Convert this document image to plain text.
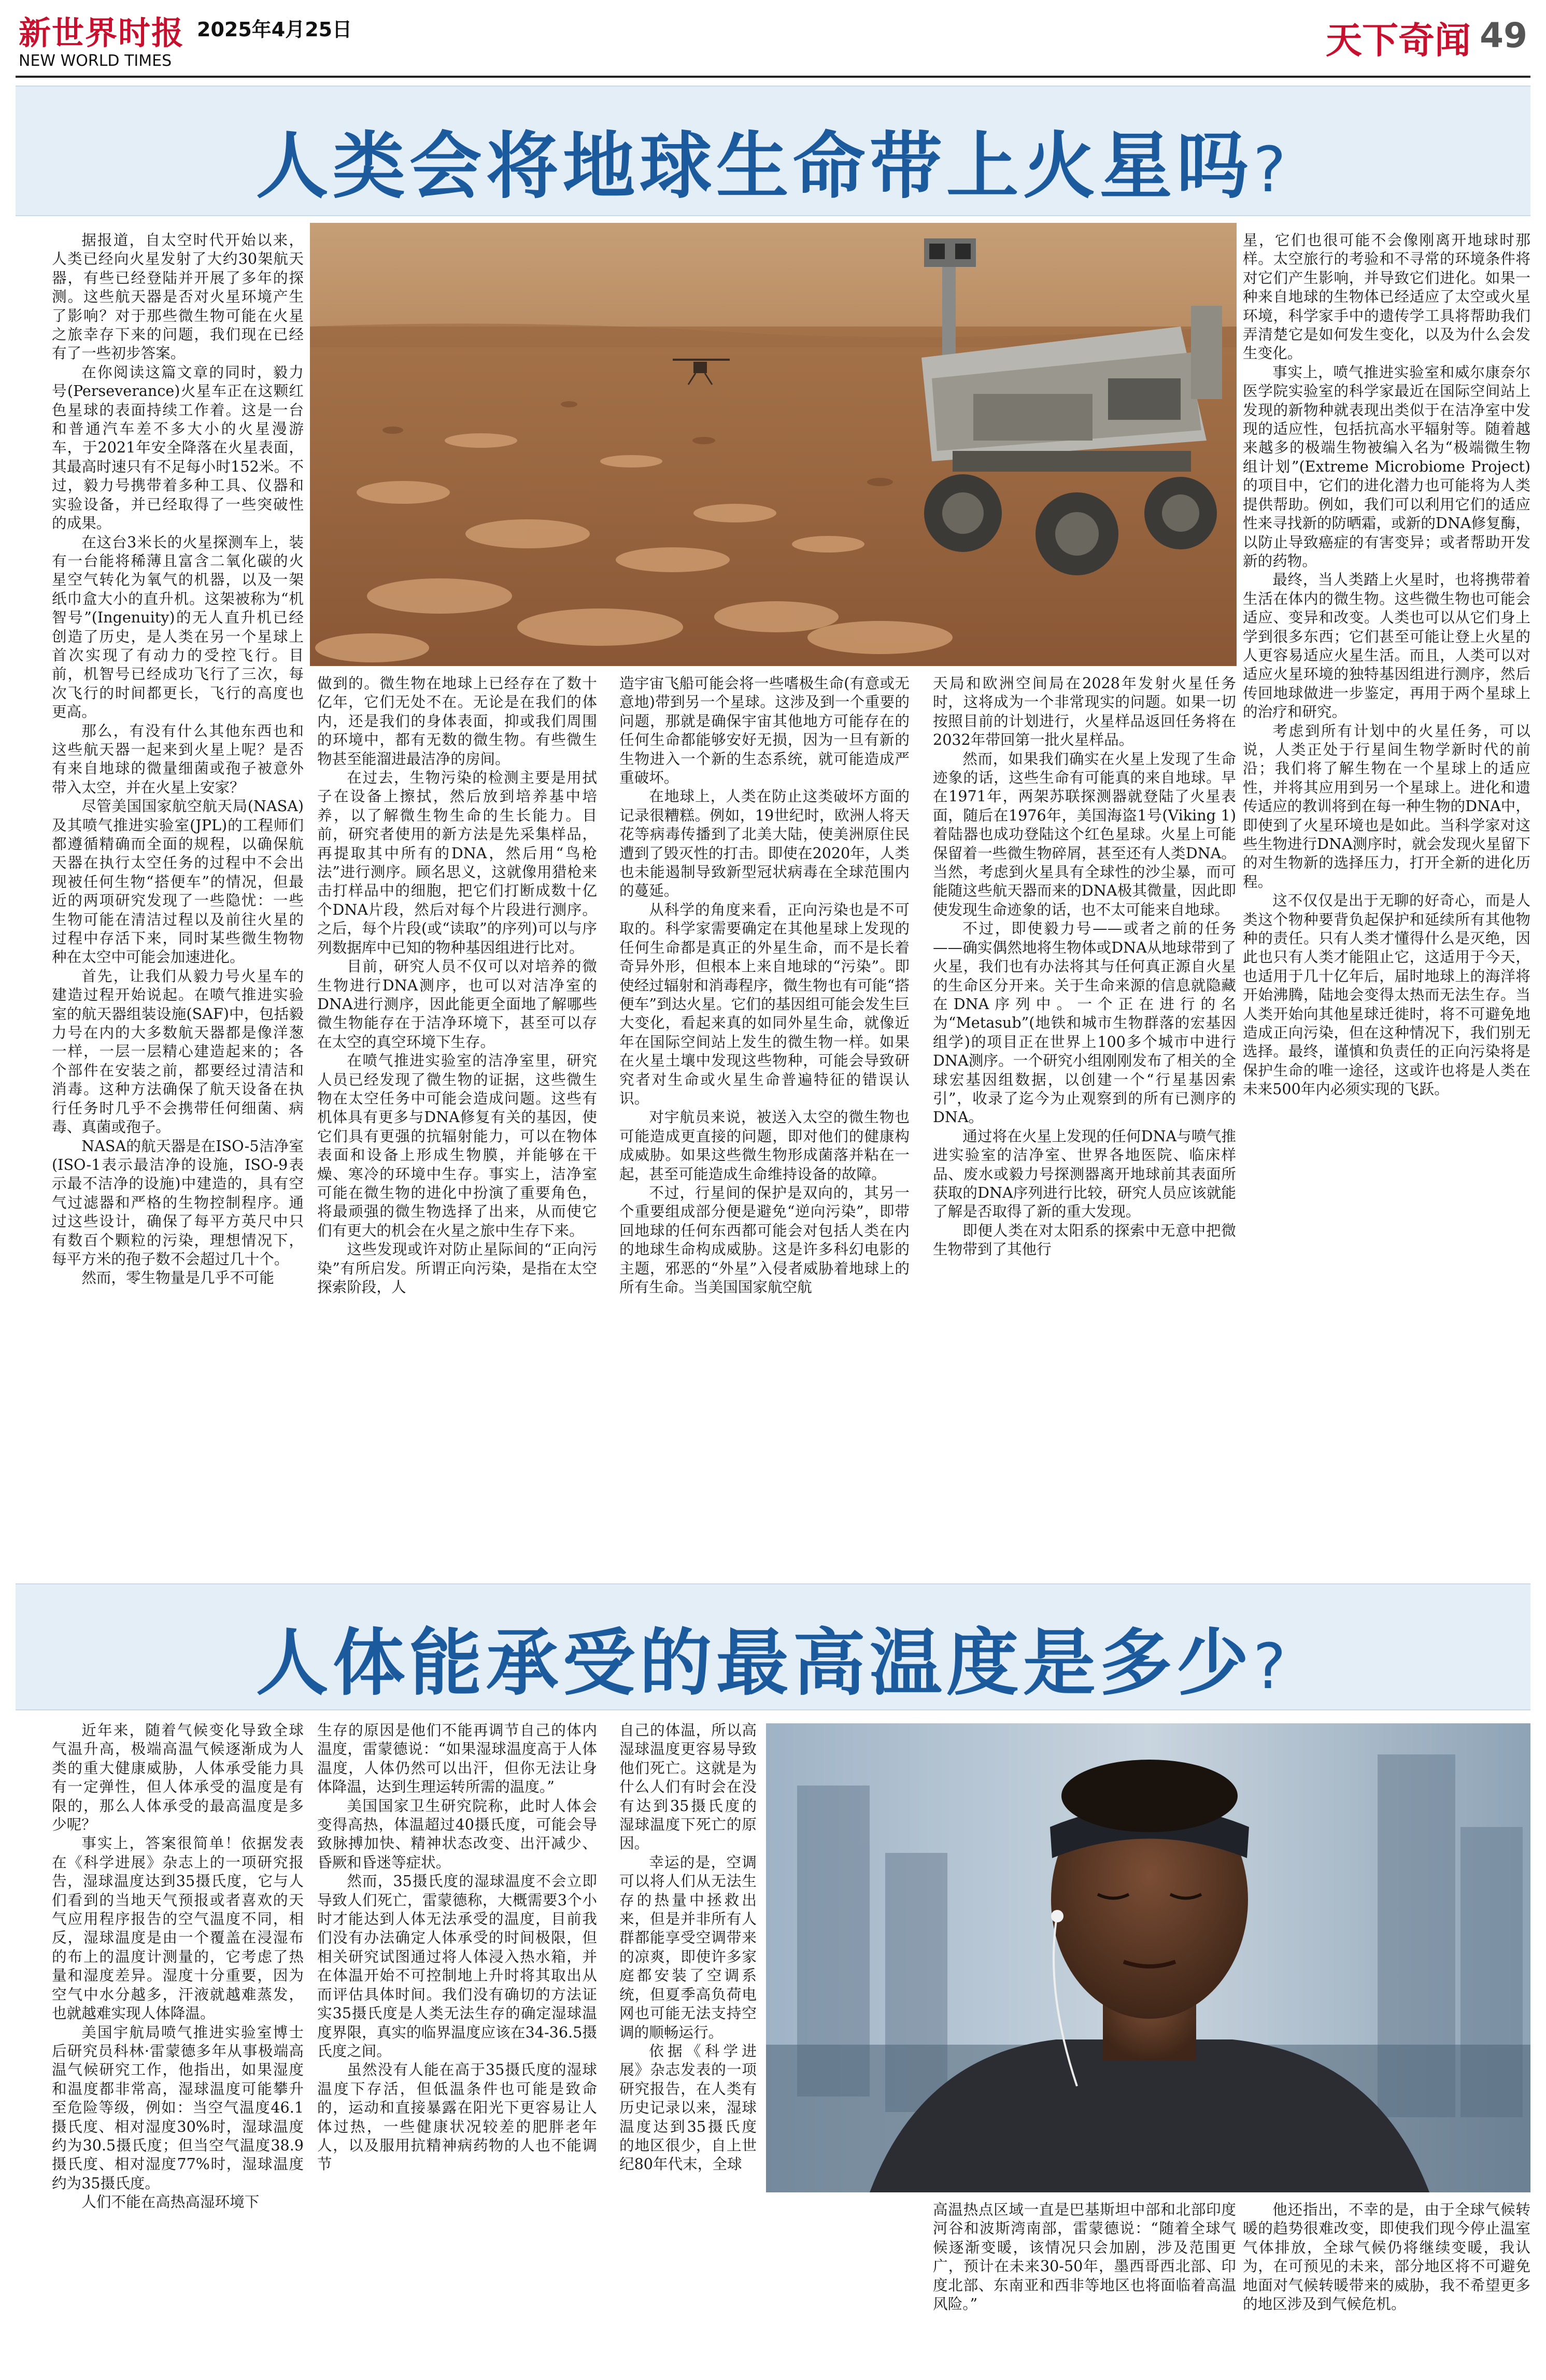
新世界时报 2025年4月25日
NEW WORLD TIMES	天下奇闻 49
人类会将地球生命带上火星吗?

据报道，自太空时代开始以来，人类已经向火星发射了大约30架航天器，有些已经登陆并开展了多年的探测。这些航天器是否对火星环境产生了影响？对于那些微生物可能在火星之旅幸存下来的问题，我们现在已经有了一些初步答案。

在你阅读这篇文章的同时，毅力号(Perseverance)火星车正在这颗红色星球的表面持续工作着。这是一台和普通汽车差不多大小的火星漫游车，于2021年安全降落在火星表面，其最高时速只有不足每小时152米。不过，毅力号携带着多种工具、仪器和实验设备，并已经取得了一些突破性的成果。

在这台3米长的火星探测车上，装有一台能将稀薄且富含二氧化碳的火星空气转化为氧气的机器，以及一架纸巾盒大小的直升机。这架被称为“机智号”(Ingenuity)的无人直升机已经创造了历史，是人类在另一个星球上首次实现了有动力的受控飞行。目前，机智号已经成功飞行了三次，每次飞行的时间都更长，飞行的高度也更高。

那么，有没有什么其他东西也和这些航天器一起来到火星上呢？是否有来自地球的微量细菌或孢子被意外带入太空，并在火星上安家？

尽管美国国家航空航天局(NASA)及其喷气推进实验室(JPL)的工程师们都遵循精确而全面的规程，以确保航天器在执行太空任务的过程中不会出现被任何生物“搭便车”的情况，但最近的两项研究发现了一些隐忧：一些生物可能在清洁过程以及前往火星的过程中存活下来，同时某些微生物物种在太空中可能会加速进化。

首先，让我们从毅力号火星车的建造过程开始说起。在喷气推进实验室的航天器组装设施(SAF)中，包括毅力号在内的大多数航天器都是像洋葱一样，一层一层精心建造起来的；各个部件在安装之前，都要经过清洁和消毒。这种方法确保了航天设备在执行任务时几乎不会携带任何细菌、病毒、真菌或孢子。

NASA的航天器是在ISO-5洁净室(ISO-1表示最洁净的设施，ISO-9表示最不洁净的设施)中建造的，具有空气过滤器和严格的生物控制程序。通过这些设计，确保了每平方英尺中只有数百个颗粒的污染，理想情况下，每平方米的孢子数不会超过几十个。

然而，零生物量是几乎不可能

做到的。微生物在地球上已经存在了数十亿年，它们无处不在。无论是在我们的体内，还是我们的身体表面，抑或我们周围的环境中，都有无数的微生物。有些微生物甚至能溜进最洁净的房间。

在过去，生物污染的检测主要是用拭子在设备上擦拭，然后放到培养基中培养，以了解微生物生命的生长能力。目前，研究者使用的新方法是先采集样品，再提取其中所有的DNA，然后用“鸟枪法”进行测序。顾名思义，这就像用猎枪来击打样品中的细胞，把它们打断成数十亿个DNA片段，然后对每个片段进行测序。之后，每个片段(或“读取”的序列)可以与序列数据库中已知的物种基因组进行比对。

目前，研究人员不仅可以对培养的微生物进行DNA测序，也可以对洁净室的DNA进行测序，因此能更全面地了解哪些微生物能存在于洁净环境下，甚至可以存在太空的真空环境下生存。

在喷气推进实验室的洁净室里，研究人员已经发现了微生物的证据，这些微生物在太空任务中可能会造成问题。这些有机体具有更多与DNA修复有关的基因，使它们具有更强的抗辐射能力，可以在物体表面和设备上形成生物膜，并能够在干燥、寒冷的环境中生存。事实上，洁净室可能在微生物的进化中扮演了重要角色，将最顽强的微生物选择了出来，从而使它们有更大的机会在火星之旅中生存下来。

这些发现或许对防止星际间的“正向污染”有所启发。所谓正向污染，是指在太空探索阶段，人

造宇宙飞船可能会将一些嗜极生命(有意或无意地)带到另一个星球。这涉及到一个重要的问题，那就是确保宇宙其他地方可能存在的任何生命都能够安好无损，因为一旦有新的生物进入一个新的生态系统，就可能造成严重破坏。

在地球上，人类在防止这类破坏方面的记录很糟糕。例如，19世纪时，欧洲人将天花等病毒传播到了北美大陆，使美洲原住民遭到了毁灭性的打击。即使在2020年，人类也未能遏制导致新型冠状病毒在全球范围内的蔓延。

从科学的角度来看，正向污染也是不可取的。科学家需要确定在其他星球上发现的任何生命都是真正的外星生命，而不是长着奇异外形，但根本上来自地球的“污染”。即使经过辐射和消毒程序，微生物也有可能“搭便车”到达火星。它们的基因组可能会发生巨大变化，看起来真的如同外星生命，就像近年在国际空间站上发生的微生物一样。如果在火星土壤中发现这些物种，可能会导致研究者对生命或火星生命普遍特征的错误认识。

对宇航员来说，被送入太空的微生物也可能造成更直接的问题，即对他们的健康构成威胁。如果这些微生物形成菌落并粘在一起，甚至可能造成生命维持设备的故障。

不过，行星间的保护是双向的，其另一个重要组成部分便是避免“逆向污染”，即带回地球的任何东西都可能会对包括人类在内的地球生命构成威胁。这是许多科幻电影的主题，邪恶的“外星”入侵者威胁着地球上的所有生命。当美国国家航空航

天局和欧洲空间局在2028年发射火星任务时，这将成为一个非常现实的问题。如果一切按照目前的计划进行，火星样品返回任务将在2032年带回第一批火星样品。

然而，如果我们确实在火星上发现了生命迹象的话，这些生命有可能真的来自地球。早在1971年，两架苏联探测器就登陆了火星表面，随后在1976年，美国海盗1号(Viking 1)着陆器也成功登陆这个红色星球。火星上可能保留着一些微生物碎屑，甚至还有人类DNA。当然，考虑到火星具有全球性的沙尘暴，而可能随这些航天器而来的DNA极其微量，因此即使发现生命迹象的话，也不太可能来自地球。

不过，即使毅力号——或者之前的任务——确实偶然地将生物体或DNA从地球带到了火星，我们也有办法将其与任何真正源自火星的生命区分开来。关于生命来源的信息就隐藏在DNA序列中。一个正在进行的名为“Metasub”(地铁和城市生物群落的宏基因组学)的项目正在世界上100多个城市中进行DNA测序。一个研究小组刚刚发布了相关的全球宏基因组数据，以创建一个“行星基因索引”，收录了迄今为止观察到的所有已测序的DNA。

通过将在火星上发现的任何DNA与喷气推进实验室的洁净室、世界各地医院、临床样品、废水或毅力号探测器离开地球前其表面所获取的DNA序列进行比较，研究人员应该就能了解是否取得了新的重大发现。

即便人类在对太阳系的探索中无意中把微生物带到了其他行

星，它们也很可能不会像刚离开地球时那样。太空旅行的考验和不寻常的环境条件将对它们产生影响，并导致它们进化。如果一种来自地球的生物体已经适应了太空或火星环境，科学家手中的遗传学工具将帮助我们弄清楚它是如何发生变化，以及为什么会发生变化。

事实上，喷气推进实验室和威尔康奈尔医学院实验室的科学家最近在国际空间站上发现的新物种就表现出类似于在洁净室中发现的适应性，包括抗高水平辐射等。随着越来越多的极端生物被编入名为“极端微生物组计划”(Extreme Microbiome Project)的项目中，它们的进化潜力也可能将为人类提供帮助。例如，我们可以利用它们的适应性来寻找新的防晒霜，或新的DNA修复酶，以防止导致癌症的有害变异；或者帮助开发新的药物。

最终，当人类踏上火星时，也将携带着生活在体内的微生物。这些微生物也可能会适应、变异和改变。人类也可以从它们身上学到很多东西；它们甚至可能让登上火星的人更容易适应火星生活。而且，人类可以对适应火星环境的独特基因组进行测序，然后传回地球做进一步鉴定，再用于两个星球上的治疗和研究。

考虑到所有计划中的火星任务，可以说，人类正处于行星间生物学新时代的前沿；我们将了解生物在一个星球上的适应性，并将其应用到另一个星球上。进化和遗传适应的教训将到在每一种生物的DNA中，即使到了火星环境也是如此。当科学家对这些生物进行DNA测序时，就会发现火星留下的对生物新的选择压力，打开全新的进化历程。

这不仅仅是出于无聊的好奇心，而是人类这个物种要背负起保护和延续所有其他物种的责任。只有人类才懂得什么是灭绝，因此也只有人类才能阻止它，这适用于今天，也适用于几十亿年后，届时地球上的海洋将开始沸腾，陆地会变得太热而无法生存。当人类开始向其他星球迁徙时，将不可避免地造成正向污染，但在这种情况下，我们别无选择。最终，谨慎和负责任的正向污染将是保护生命的唯一途径，这或许也将是人类在未来500年内必须实现的飞跃。

人体能承受的最高温度是多少?

近年来，随着气候变化导致全球气温升高，极端高温气候逐渐成为人类的重大健康威胁，人体承受能力具有一定弹性，但人体承受的温度是有限的，那么人体承受的最高温度是多少呢？

事实上，答案很简单！依据发表在《科学进展》杂志上的一项研究报告，湿球温度达到35摄氏度，它与人们看到的当地天气预报或者喜欢的天气应用程序报告的空气温度不同，相反，湿球温度是由一个覆盖在浸湿布的布上的温度计测量的，它考虑了热量和湿度差异。湿度十分重要，因为空气中水分越多，汗液就越难蒸发，也就越难实现人体降温。

美国宇航局喷气推进实验室博士后研究员科林·雷蒙德多年从事极端高温气候研究工作，他指出，如果湿度和温度都非常高，湿球温度可能攀升至危险等级，例如：当空气温度46.1摄氏度、相对湿度30%时，湿球温度约为30.5摄氏度；但当空气温度38.9摄氏度、相对湿度77%时，湿球温度约为35摄氏度。

人们不能在高热高湿环境下

生存的原因是他们不能再调节自己的体内温度，雷蒙德说：“如果湿球温度高于人体温度，人体仍然可以出汗，但你无法让身体降温，达到生理运转所需的温度。”

美国国家卫生研究院称，此时人体会变得高热，体温超过40摄氏度，可能会导致脉搏加快、精神状态改变、出汗减少、昏厥和昏迷等症状。

然而，35摄氏度的湿球温度不会立即导致人们死亡，雷蒙德称，大概需要3个小时才能达到人体无法承受的温度，目前我们没有办法确定人体承受的时间极限，但相关研究试图通过将人体浸入热水箱，并在体温开始不可控制地上升时将其取出从而评估具体时间。我们没有确切的方法证实35摄氏度是人类无法生存的确定湿球温度界限，真实的临界温度应该在34-36.5摄氏度之间。

虽然没有人能在高于35摄氏度的湿球温度下存活，但低温条件也可能是致命的，运动和直接暴露在阳光下更容易让人体过热，一些健康状况较差的肥胖老年人，以及服用抗精神病药物的人也不能调节

自己的体温，所以高湿球温度更容易导致他们死亡。这就是为什么人们有时会在没有达到35摄氏度的湿球温度下死亡的原因。

幸运的是，空调可以将人们从无法生存的热量中拯救出来，但是并非所有人群都能享受空调带来的凉爽，即使许多家庭都安装了空调系统，但夏季高负荷电网也可能无法支持空调的顺畅运行。

依据《科学进展》杂志发表的一项研究报告，在人类有历史记录以来，湿球温度达到35摄氏度的地区很少，自上世纪80年代末，全球

高温热点区域一直是巴基斯坦中部和北部印度河谷和波斯湾南部，雷蒙德说：“随着全球气候逐渐变暖，该情况只会加剧，涉及范围更广，预计在未来30-50年，墨西哥西北部、印度北部、东南亚和西非等地区也将面临着高温风险。”

他还指出，不幸的是，由于全球气候转暖的趋势很难改变，即使我们现今停止温室气体排放，全球气候仍将继续变暖，我认为，在可预见的未来，部分地区将不可避免地面对气候转暖带来的威胁，我不希望更多的地区涉及到气候危机。
